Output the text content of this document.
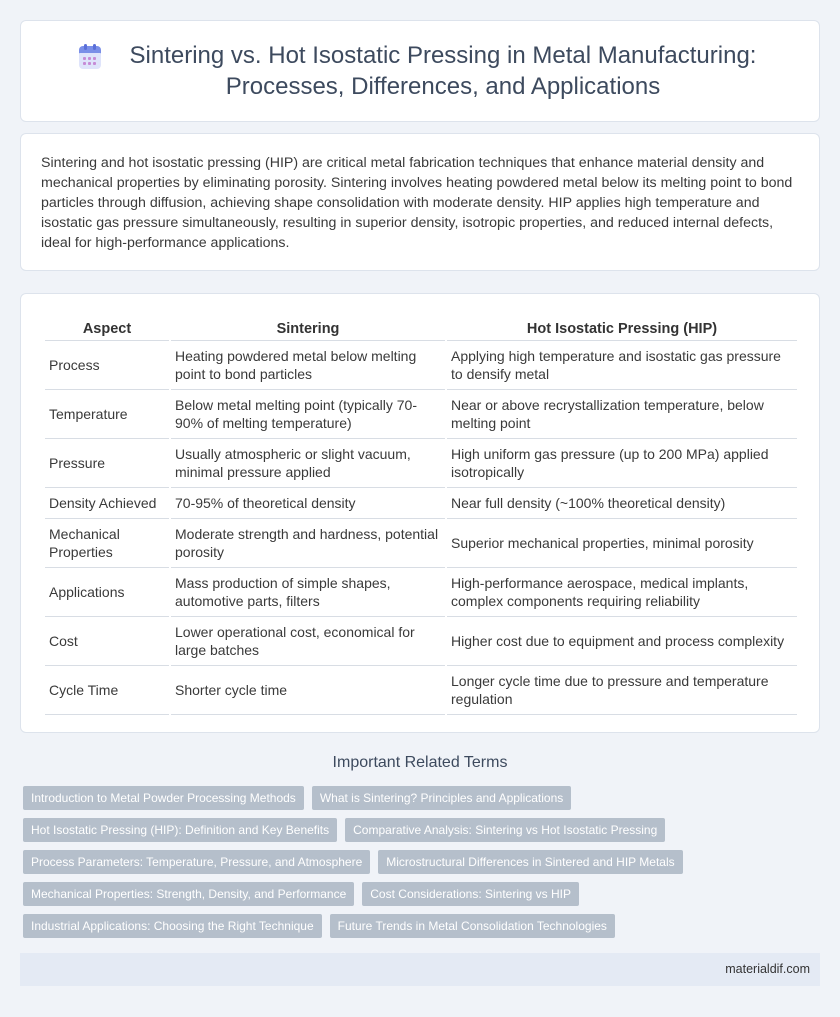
Sintering vs. Hot Isostatic Pressing in Metal Manufacturing: Processes, Differences, and Applications

Sintering and hot isostatic pressing (HIP) are critical metal fabrication techniques that enhance material density and mechanical properties by eliminating porosity. Sintering involves heating powdered metal below its melting point to bond particles through diffusion, achieving shape consolidation with moderate density. HIP applies high temperature and isostatic gas pressure simultaneously, resulting in superior density, isotropic properties, and reduced internal defects, ideal for high-performance applications.

Aspect	Sintering	Hot Isostatic Pressing (HIP)
Process	Heating powdered metal below melting point to bond particles	Applying high temperature and isostatic gas pressure to densify metal
Temperature	Below metal melting point (typically 70-90% of melting temperature)	Near or above recrystallization temperature, below melting point
Pressure	Usually atmospheric or slight vacuum, minimal pressure applied	High uniform gas pressure (up to 200 MPa) applied isotropically
Density Achieved	70-95% of theoretical density	Near full density (~100% theoretical density)
Mechanical Properties	Moderate strength and hardness, potential porosity	Superior mechanical properties, minimal porosity
Applications	Mass production of simple shapes, automotive parts, filters	High-performance aerospace, medical implants, complex components requiring reliability
Cost	Lower operational cost, economical for large batches	Higher cost due to equipment and process complexity
Cycle Time	Shorter cycle time	Longer cycle time due to pressure and temperature regulation
Important Related Terms
Introduction to Metal Powder Processing Methods	What is Sintering? Principles and Applications
Hot Isostatic Pressing (HIP): Definition and Key Benefits	Comparative Analysis: Sintering vs Hot Isostatic Pressing
Process Parameters: Temperature, Pressure, and Atmosphere	Microstructural Differences in Sintered and HIP Metals
Mechanical Properties: Strength, Density, and Performance	Cost Considerations: Sintering vs HIP
Industrial Applications: Choosing the Right Technique	Future Trends in Metal Consolidation Technologies
materialdif.com
